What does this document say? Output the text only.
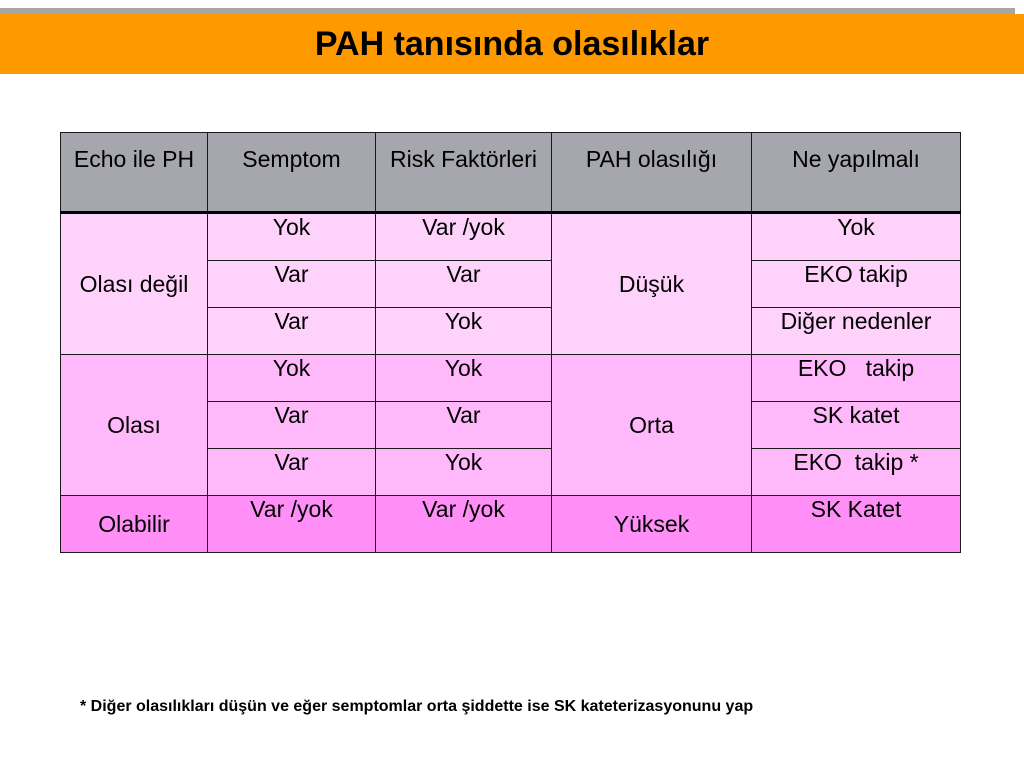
PAH tanısında olasılıklar
Echo ile PH	Semptom	Risk Faktörleri	PAH olasılığı	Ne yapılmalı
Olası değil	Yok	Var /yok	Düşük	Yok
	Var	Var		EKO takip
	Var	Yok		Diğer nedenler
Olası	Yok	Yok	Orta	EKO   takip
	Var	Var		SK katet
	Var	Yok		EKO  takip *
Olabilir	Var /yok	Var /yok	Yüksek	SK Katet
* Diğer olasılıkları düşün ve eğer semptomlar orta şiddette ise SK kateterizasyonunu yap
